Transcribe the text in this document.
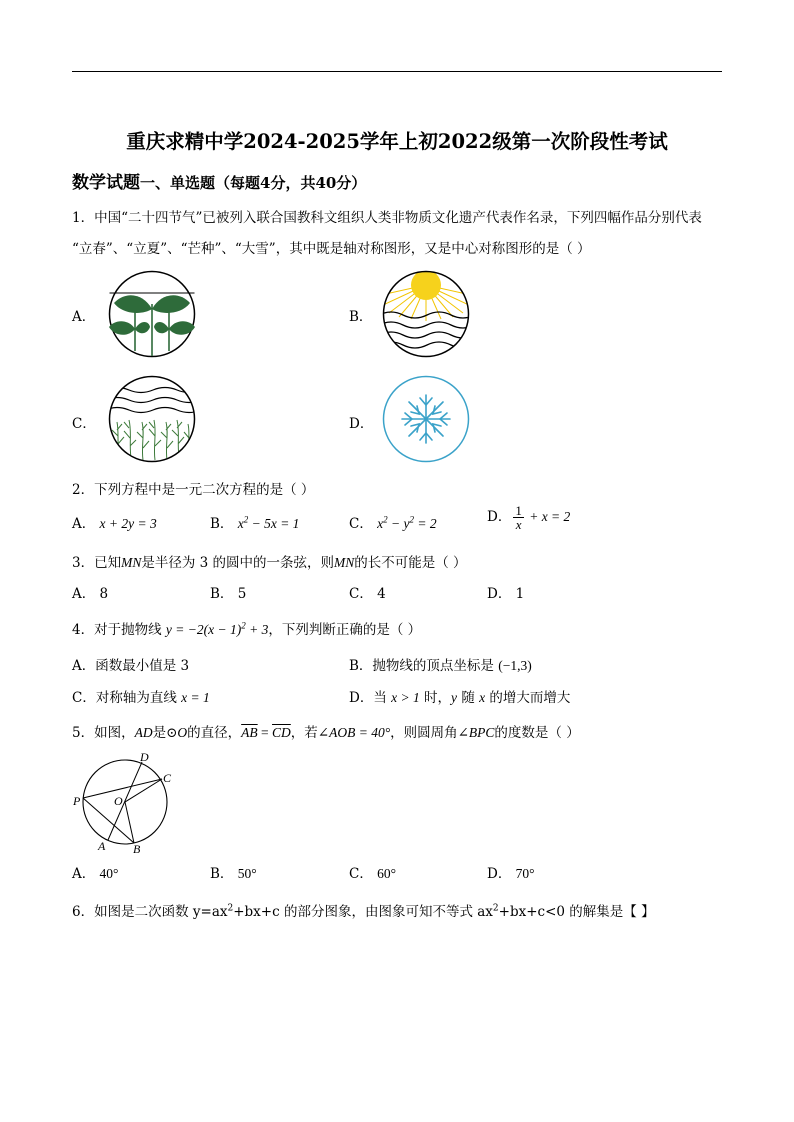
重庆求精中学2024-2025学年上初2022级第一次阶段性考试
数学试题一、单选题（每题4分，共40分）
1．中国“二十四节气”已被列入联合国教科文组织人类非物质文化遗产代表作名录，下列四幅作品分别代表
“立春”、“立夏”、“芒种”、“大雪”，其中既是轴对称图形，又是中心对称图形的是（ ）
A．	B．
C．	D．
2．下列方程中是一元二次方程的是（ ）
A． x + 2y = 3	B． $x^2 - 5x = 1$	C． $x^2 - y^2 = 2$	D． $\frac{1}{x} + x = 2$
3．已知MN是半径为 3 的圆中的一条弦，则MN的长不可能是（ ）
A． 8	B． 5	C． 4	D． 1
4．对于抛物线 $y = -2(x - 1)^2 + 3$，下列判断正确的是（ ）
A．函数最小值是 3	B．抛物线的顶点坐标是 (−1,3)
C．对称轴为直线 x = 1	D．当 x > 1 时，y 随 x 的增大而增大
5．如图，AD是⊙O的直径，$\overline{AB} = \overline{CD}$，若∠AOB = 40°，则圆周角∠BPC的度数是（ ）
D
C
P	O
A B
A． 40°	B． 50°	C． 60°	D． 70°
6．如图是二次函数 $y=ax^2+bx+c$ 的部分图象，由图象可知不等式 $ax^2+bx+c<0$ 的解集是【 】
